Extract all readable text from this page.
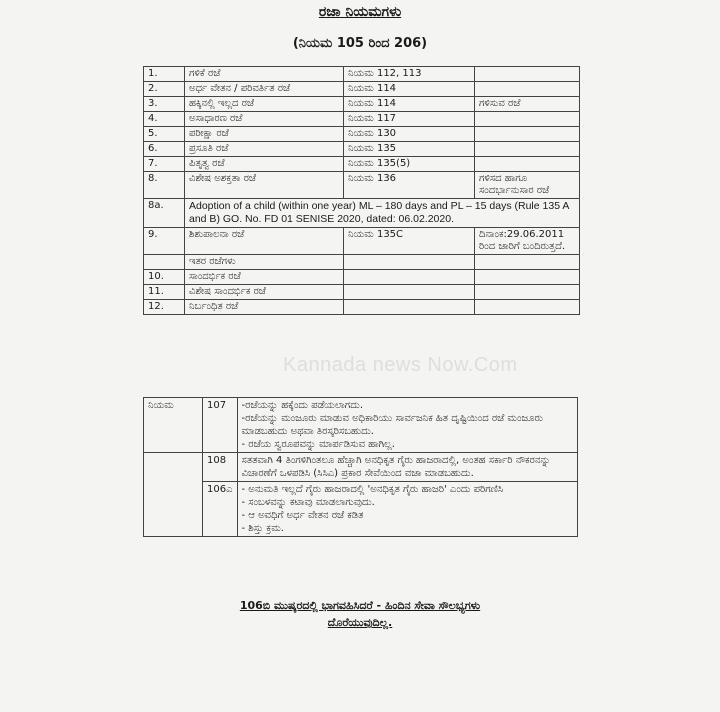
ರಜಾ ನಿಯಮಗಳು
(ನಿಯಮ 105 ರಿಂದ 206)
1.	ಗಳಿಕೆ ರಜೆ	ನಿಯಮ 112, 113	
2.	ಅರ್ಧ ವೇತನ / ಪರಿವರ್ತಿತ ರಜೆ	ನಿಯಮ 114	
3.	ಹಕ್ಕಿನಲ್ಲಿ ಇಲ್ಲದ ರಜೆ	ನಿಯಮ 114	ಗಳಿಸುವ ರಜೆ
4.	ಅಸಾಧಾರಣ ರಜೆ	ನಿಯಮ 117	
5.	ಪರೀಕ್ಷಾ ರಜೆ	ನಿಯಮ 130	
6.	ಪ್ರಸೂತಿ ರಜೆ	ನಿಯಮ 135	
7.	ಪಿತೃತ್ವ ರಜೆ	ನಿಯಮ 135(5)	
8.	ವಿಶೇಷ ಅಶಕ್ತತಾ ರಜೆ	ನಿಯಮ 136	ಗಳಿಸದ ಹಾಗೂ ಸಂದರ್ಭಾನುಸಾರ ರಜೆ
8a.	Adoption of a child (within one year) ML – 180 days and PL – 15 days (Rule 135 A and B) GO. No. FD 01 SENISE 2020, dated: 06.02.2020.		
9.	ಶಿಶುಪಾಲನಾ ರಜೆ	ನಿಯಮ 135C	ದಿನಾಂಕ:29.06.2011 ರಿಂದ ಜಾರಿಗೆ ಬಂದಿರುತ್ತದೆ.
	ಇತರ ರಜೆಗಳು		
10.	ಸಾಂದರ್ಭಿಕ ರಜೆ		
11.	ವಿಶೇಷ ಸಾಂದರ್ಭಿಕ ರಜೆ		
12.	ನಿರ್ಬಂಧಿತ ರಜೆ		
Kannada news Now.Com
ನಿಯಮ	107	-ರಜೆಯನ್ನು ಹಕ್ಕೆಂದು ಪಡೆಯಲಾಗದು.
-ರಜೆಯನ್ನು ಮಂಜೂರು ಮಾಡುವ ಅಧಿಕಾರಿಯು ಸಾರ್ವಜನಿಕ ಹಿತ ದೃಷ್ಟಿಯಿಂದ ರಜೆ ಮಂಜೂರು ಮಾಡಬಹುದು ಅಥವಾ ತಿರಸ್ಕರಿಸಬಹುದು.
- ರಜೆಯ ಸ್ವರೂಪವನ್ನು ಮಾರ್ಪಡಿಸುವ ಹಾಗಿಲ್ಲ.

	108	ಸತತವಾಗಿ 4 ತಿಂಗಳಿಗಿಂತಲೂ ಹೆಚ್ಚಾಗಿ ಅನಧಿಕೃತ ಗೈರು ಹಾಜರಾದಲ್ಲಿ, ಅಂತಹ ಸರ್ಕಾರಿ ನೌಕರನನ್ನು ವಿಚಾರಣೆಗೆ ಒಳಪಡಿಸಿ (ಸಿಸಿಎ) ಪ್ರಕಾರ ಸೇವೆಯಿಂದ ವಜಾ ಮಾಡಬಹುದು.
	106ಎ	- ಅನುಮತಿ ಇಲ್ಲದೆ ಗೈರು ಹಾಜರಾದಲ್ಲಿ 'ಅನಧಿಕೃತ ಗೈರು ಹಾಜರಿ' ಎಂದು ಪರಿಗಣಿಸಿ
- ಸಂಬಳವನ್ನು ಕಟಾವು ಮಾಡಲಾಗುವುದು.
- ಆ ಅವಧಿಗೆ ಅರ್ಧ ವೇತನ ರಜೆ ಕಡಿತ
- ಶಿಸ್ತು ಕ್ರಮ.
106ಬಿ ಮುಷ್ಕರದಲ್ಲಿ ಭಾಗವಹಿಸಿದರೆ - ಹಿಂದಿನ ಸೇವಾ ಸೌಲಭ್ಯಗಳು
ದೊರೆಯುವುದಿಲ್ಲ.
